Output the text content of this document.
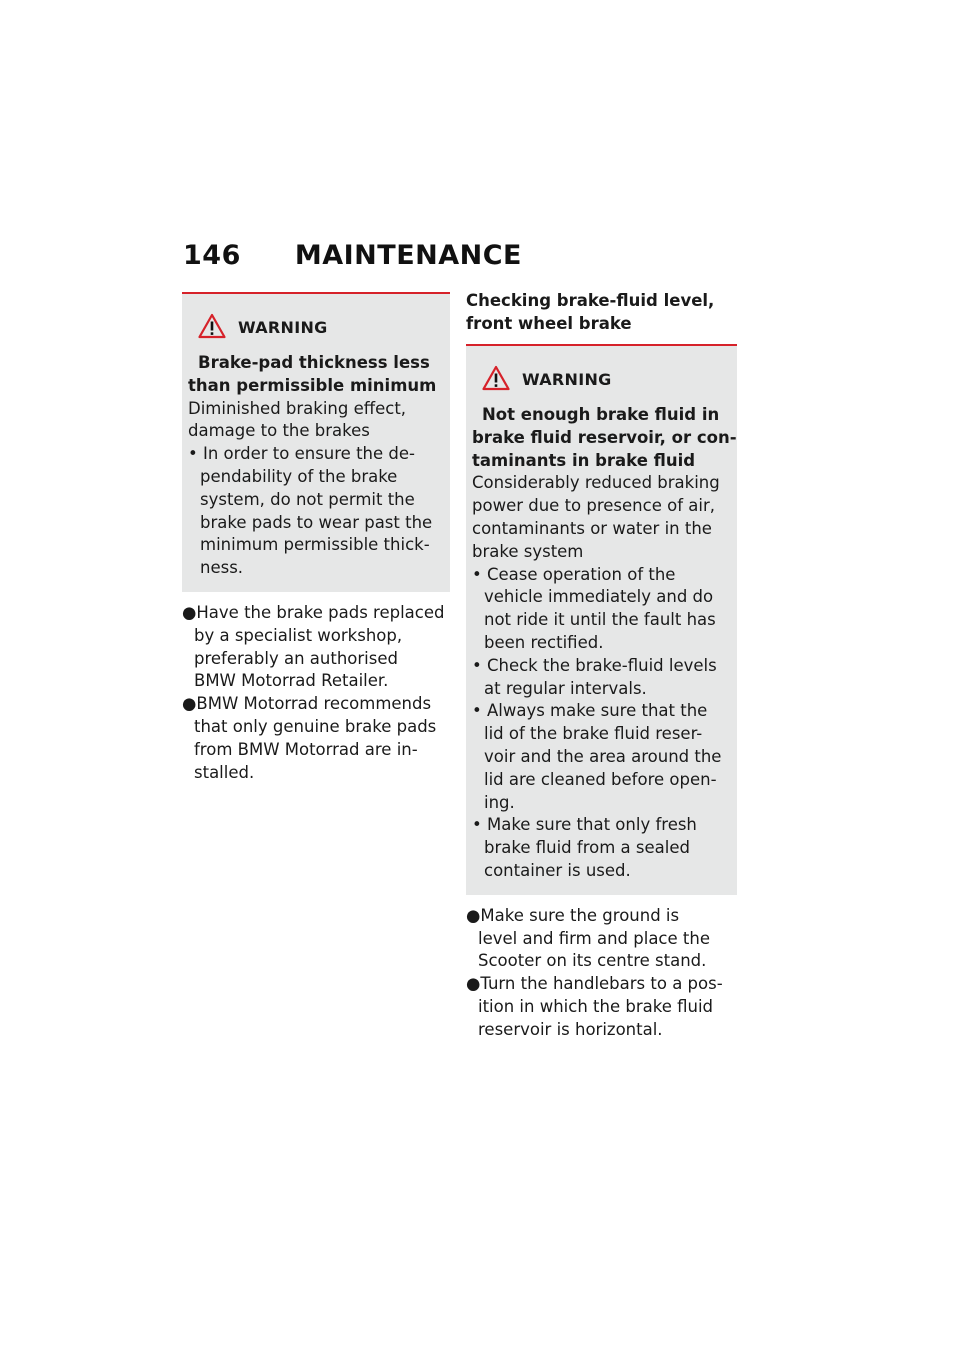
146 MAINTENANCE
WARNING
Brake-pad thickness less
than permissible minimum
Diminished braking effect,
damage to the brakes
• In order to ensure the de-
pendability of the brake
system, do not permit the
brake pads to wear past the
minimum permissible thick-
ness.
●Have the brake pads replaced
by a specialist workshop,
preferably an authorised
BMW Motorrad Retailer.
●BMW Motorrad recommends
that only genuine brake pads
from BMW Motorrad are in-
stalled.
Checking brake-fluid level,
front wheel brake
WARNING
Not enough brake fluid in
brake fluid reservoir, or con-
taminants in brake fluid
Considerably reduced braking
power due to presence of air,
contaminants or water in the
brake system
• Cease operation of the
vehicle immediately and do
not ride it until the fault has
been rectified.
• Check the brake-fluid levels
at regular intervals.
• Always make sure that the
lid of the brake fluid reser-
voir and the area around the
lid are cleaned before open-
ing.
• Make sure that only fresh
brake fluid from a sealed
container is used.
●Make sure the ground is
level and firm and place the
Scooter on its centre stand.
●Turn the handlebars to a pos-
ition in which the brake fluid
reservoir is horizontal.
